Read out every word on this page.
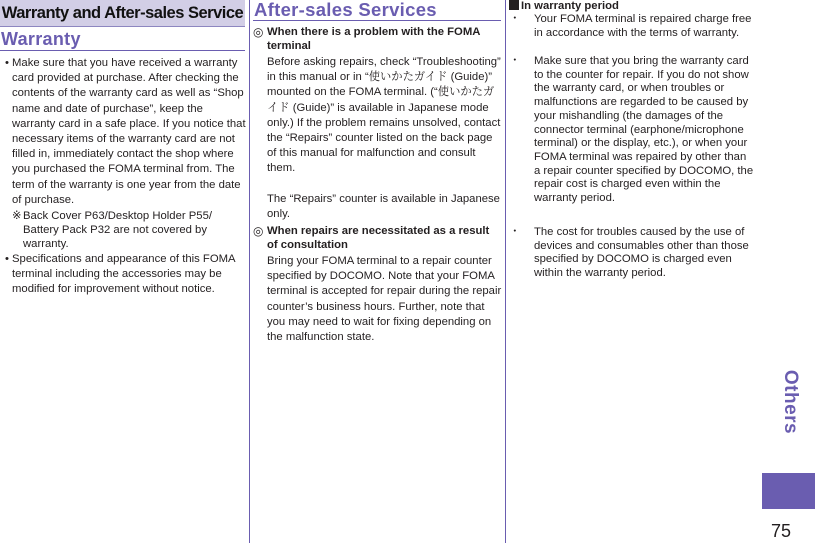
Warranty and After-sales Service
Warranty
• Make sure that you have received a warranty card provided at purchase. After checking the contents of the warranty card as well as “Shop name and date of purchase”, keep the warranty card in a safe place. If you notice that necessary items of the warranty card are not filled in, immediately contact the shop where you purchased the FOMA terminal from. The term of the warranty is one year from the date of purchase.
※ Back Cover P63/Desktop Holder P55/ Battery Pack P32 are not covered by warranty.
• Specifications and appearance of this FOMA terminal including the accessories may be modified for improvement without notice.
After-sales Services
◎ When there is a problem with the FOMA terminal
Before asking repairs, check “Troubleshooting” in this manual or in “使いかたガイド (Guide)” mounted on the FOMA terminal. (“使いかたガイド (Guide)” is available in Japanese mode only.) If the problem remains unsolved, contact the “Repairs” counter listed on the back page of this manual for malfunction and consult them.
The “Repairs” counter is available in Japanese only.
◎ When repairs are necessitated as a result of consultation
Bring your FOMA terminal to a repair counter specified by DOCOMO. Note that your FOMA terminal is accepted for repair during the repair counter’s business hours. Further, note that you may need to wait for fixing depending on the malfunction state.
In warranty period
･ Your FOMA terminal is repaired charge free in accordance with the terms of warranty.
･ Make sure that you bring the warranty card to the counter for repair. If you do not show the warranty card, or when troubles or malfunctions are regarded to be caused by your mishandling (the damages of the connector terminal (earphone/microphone terminal) or the display, etc.), or when your FOMA terminal was repaired by other than a repair counter specified by DOCOMO, the repair cost is charged even within the warranty period.
･ The cost for troubles caused by the use of devices and consumables other than those specified by DOCOMO is charged even within the warranty period.
Others
75
